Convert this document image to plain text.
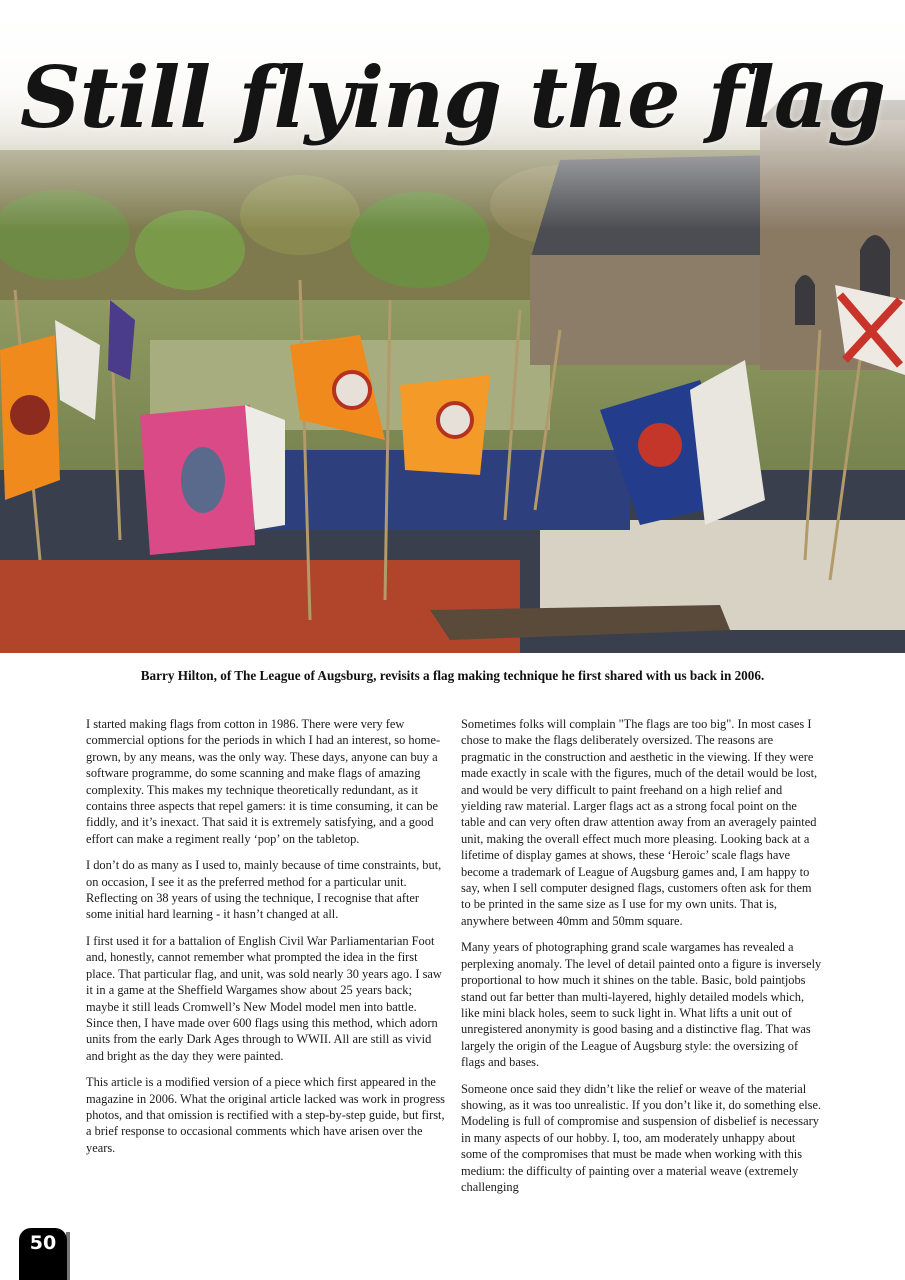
Still flying the flag
Barry Hilton, of The League of Augsburg, revisits a flag making technique he first shared with us back in 2006.

I started making flags from cotton in 1986. There were very few commercial options for the periods in which I had an interest, so home-grown, by any means, was the only way. These days, anyone can buy a software programme, do some scanning and make flags of amazing complexity. This makes my technique theoretically redundant, as it contains three aspects that repel gamers: it is time consuming, it can be fiddly, and it’s inexact. That said it is extremely satisfying, and a good effort can make a regiment really ‘pop’ on the tabletop.

I don’t do as many as I used to, mainly because of time constraints, but, on occasion, I see it as the preferred method for a particular unit. Reflecting on 38 years of using the technique, I recognise that after some initial hard learning - it hasn’t changed at all.

I first used it for a battalion of English Civil War Parliamentarian Foot and, honestly, cannot remember what prompted the idea in the first place. That particular flag, and unit, was sold nearly 30 years ago. I saw it in a game at the Sheffield Wargames show about 25 years back; maybe it still leads Cromwell’s New Model model men into battle. Since then, I have made over 600 flags using this method, which adorn units from the early Dark Ages through to WWII. All are still as vivid and bright as the day they were painted.

This article is a modified version of a piece which first appeared in the magazine in 2006. What the original article lacked was work in progress photos, and that omission is rectified with a step-by-step guide, but first, a brief response to occasional comments which have arisen over the years.

Sometimes folks will complain "The flags are too big". In most cases I chose to make the flags deliberately oversized. The reasons are pragmatic in the construction and aesthetic in the viewing. If they were made exactly in scale with the figures, much of the detail would be lost, and would be very difficult to paint freehand on a high relief and yielding raw material. Larger flags act as a strong focal point on the table and can very often draw attention away from an averagely painted unit, making the overall effect much more pleasing. Looking back at a lifetime of display games at shows, these ‘Heroic’ scale flags have become a trademark of League of Augsburg games and, I am happy to say, when I sell computer designed flags, customers often ask for them to be printed in the same size as I use for my own units. That is, anywhere between 40mm and 50mm square.

Many years of photographing grand scale wargames has revealed a perplexing anomaly. The level of detail painted onto a figure is inversely proportional to how much it shines on the table. Basic, bold paintjobs stand out far better than multi-layered, highly detailed models which, like mini black holes, seem to suck light in. What lifts a unit out of unregistered anonymity is good basing and a distinctive flag. That was largely the origin of the League of Augsburg style: the oversizing of flags and bases.

Someone once said they didn’t like the relief or weave of the material showing, as it was too unrealistic. If you don’t like it, do something else. Modeling is full of compromise and suspension of disbelief is necessary in many aspects of our hobby. I, too, am moderately unhappy about some of the compromises that must be made when working with this medium: the difficulty of painting over a material weave (extremely challenging

50
